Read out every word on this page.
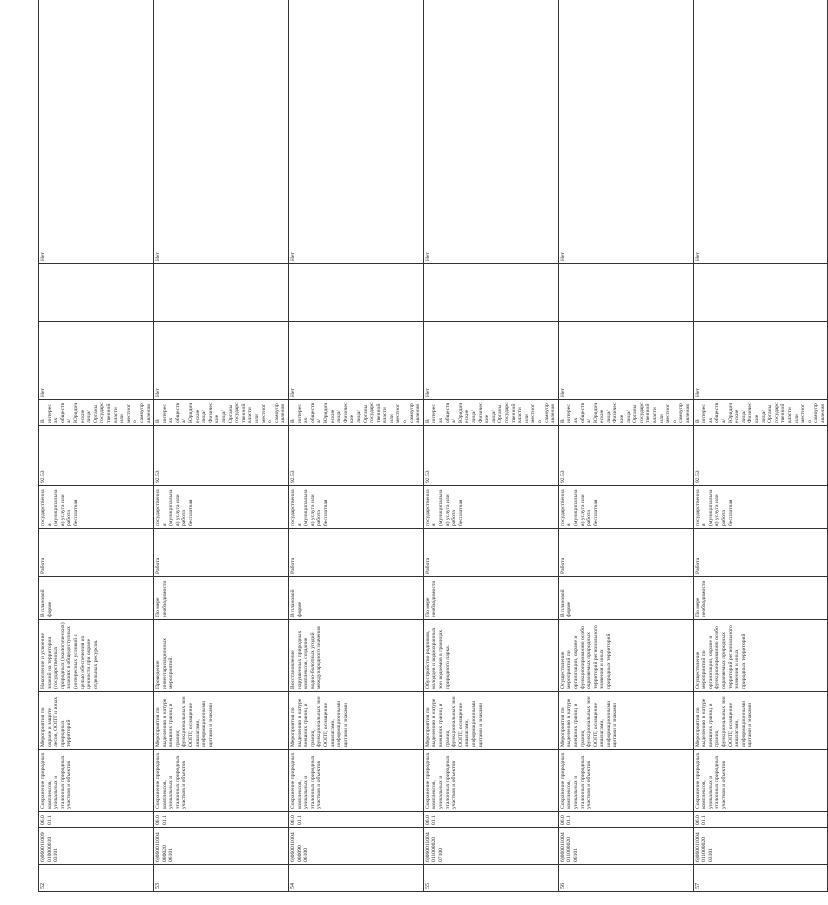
52	6)060011009010000010 03101	06.001.1	Сохранение природных комплексов, уникальных и эталонных природных участков и объектов	Мероприятия по охране и защите лесов, ООПТ и иных природных территорий	Накопление и усвоение знаний на территории (государственных природных (экологических) знаниях в общедоступных (интересных условий с целью обеспечения их ценности при охране отдельных ресурсов.	В плановой форме	Работа	государственная (муниципальная) услуга или работа бесплатная	92.53	В интересах общества/Юридические лица/Органы государственной власти или местного самоуправления	Нет		Нет
53	6)060011004000020 06101	06.001.1	Сохранение природных комплексов, уникальных и эталонных природных участков и объектов	Мероприятия по выделению в натуре внешних границ и границ функциональных зон ООПТ, оснащение аншлагами, информационными щитами и знаками	Проведение инвентаризационных мероприятий.	По мере необходимости	Работа	государственная (муниципальная) услуга или работа бесплатная	92.53	В интересах общества/Юридические лица/Физические лица/Органы государственной власти или местного самоуправления	Нет		Нет
54	6)060011004000090 06100	06.001.1	Сохранение природных комплексов, уникальных и эталонных природных участков и объектов	Мероприятия по выделению в натуре внешних границ и границ функциональных зон ООПТ, оснащение аншлагами, информационными щитами и знаками	Восстановление нарушенных природных комплексов, создание водно-болотных угодий международного значения	В плановой форме	Работа	государственная (муниципальная) услуга или работа бесплатная	92.53	В интересах общества/Юридические лица/Физические лица/Органы государственной власти или местного самоуправления	Нет		Нет
55	6)060011004011000020 07100	06.001.1	Сохранение природных комплексов, уникальных и эталонных природных участков и объектов	Мероприятия по выделению в натуре внешних границ и границ функциональных зон ООПТ, оснащение аншлагами, информационными щитами и знаками	Обустройство родников, колодцев и водоохранных зон водоемов в границах природного парка.	По мере необходимости	Работа	государственная (муниципальная) услуга или работа бесплатная	92.53	В интересах общества/Юридические лица/Физические лица/Органы государственной власти или местного самоуправления	Нет		Нет
56	6)060011004011000020 06101	06.001.1	Сохранение природных комплексов, уникальных и эталонных природных участков и объектов	Мероприятия по выделению в натуре внешних границ и границ функциональных зон ООПТ, оснащение аншлагами, информационными щитами и знаками	Осуществление мероприятий по организации, охране и функционированию особо охраняемых природных территорий регионального значения и иных природных территорий	В плановой форме	Работа	государственная (муниципальная) услуга или работа бесплатная	92.53	В интересах общества/Юридические лица/Физические лица/Органы государственной власти или местного самоуправления	Нет		Нет
57	6)060011004011000020 03101	06.001.1	Сохранение природных комплексов, уникальных и эталонных природных участков и объектов	Мероприятия по выделению в натуре внешних границ и границ функциональных зон ООПТ, оснащение аншлагами, информационными щитами и знаками	Осуществление мероприятий по организации, охране и функционированию особо охраняемых природных территорий регионального значения и иных природных территорий	По мере необходимости	Работа	государственная (муниципальная) услуга или работа бесплатная	92.53	В интересах общества/Юридические лица/Физические лица/Органы государственной власти или местного самоуправления	Нет		Нет
